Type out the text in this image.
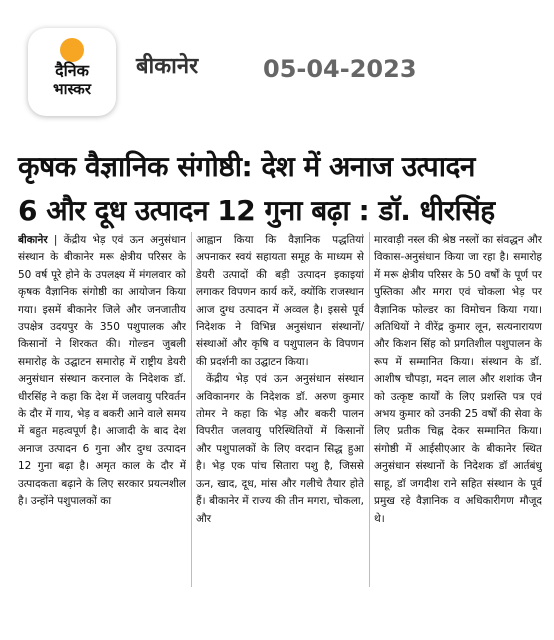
दैनिक
भास्कर
बीकानेर	05-04-2023
कृषक वैज्ञानिक संगोष्ठी: देश में अनाज उत्पादन
6 और दूध उत्पादन 12 गुना बढ़ा : डॉ. धीरसिंह
बीकानेर | केंद्रीय भेड़ एवं ऊन अनुसंधान संस्थान के बीकानेर मरू क्षेत्रीय परिसर के 50 वर्ष पूरे होने के उपलक्ष्य में मंगलवार को कृषक वैज्ञानिक संगोष्ठी का आयोजन किया गया। इसमें बीकानेर जिले और जनजातीय उपक्षेत्र उदयपुर के 350 पशुपालक और किसानों ने शिरकत की। गोल्डन जुबली समारोह के उद्घाटन समारोह में राष्ट्रीय डेयरी अनुसंधान संस्थान करनाल के निदेशक डॉ. धीरसिंह ने कहा कि देश में जलवायु परिवर्तन के दौर में गाय, भेड़ व बकरी आने वाले समय में बहुत महत्वपूर्ण है। आजादी के बाद देश अनाज उत्पादन 6 गुना और दुग्ध उत्पादन 12 गुना बढ़ा है। अमृत काल के दौर में उत्पादकता बढ़ाने के लिए सरकार प्रयत्नशील है। उन्होंने पशुपालकों का
आह्वान किया कि वैज्ञानिक पद्धतियां अपनाकर स्वयं सहायता समूह के माध्यम से डेयरी उत्पादों की बड़ी उत्पादन इकाइयां लगाकर विपणन कार्य करें, क्योंकि राजस्थान आज दुग्ध उत्पादन में अव्वल है। इससे पूर्व निदेशक ने विभिन्न अनुसंधान संस्थानों/संस्थाओं और कृषि व पशुपालन के विपणन की प्रदर्शनी का उद्घाटन किया।
केंद्रीय भेड़ एवं ऊन अनुसंधान संस्थान अविकानगर के निदेशक डॉ. अरुण कुमार तोमर ने कहा कि भेड़ और बकरी पालन विपरीत जलवायु परिस्थितियों में किसानों और पशुपालकों के लिए वरदान सिद्ध हुआ है। भेड़ एक पांच सितारा पशु है, जिससे ऊन, खाद, दूध, मांस और गलीचे तैयार होते हैं। बीकानेर में राज्य की तीन मगरा, चोकला, और
मारवाड़ी नस्ल की श्रेष्ठ नस्लों का संवद्धन और विकास-अनुसंधान किया जा रहा है। समारोह में मरू क्षेत्रीय परिसर के 50 वर्षों के पूर्ण पर पुस्तिका और मगरा एवं चोकला भेड़ पर वैज्ञानिक फोल्डर का विमोचन किया गया। अतिथियों ने वीरेंद्र कुमार लून, सत्यनारायण और किशन सिंह को प्रगतिशील पशुपालन के रूप में सम्मानित किया। संस्थान के डॉ. आशीष चौपड़ा, मदन लाल और शशांक जैन को उत्कृष्ट कार्यों के लिए प्रशस्ति पत्र एवं अभय कुमार को उनकी 25 वर्षों की सेवा के लिए प्रतीक चिह्न देकर सम्मानित किया। संगोष्ठी में आईसीएआर के बीकानेर स्थित अनुसंधान संस्थानों के निदेशक डॉ आर्तबंधु साहू, डॉ जगदीश राने सहित संस्थान के पूर्व प्रमुख रहे वैज्ञानिक व अधिकारीगण मौजूद थे।
